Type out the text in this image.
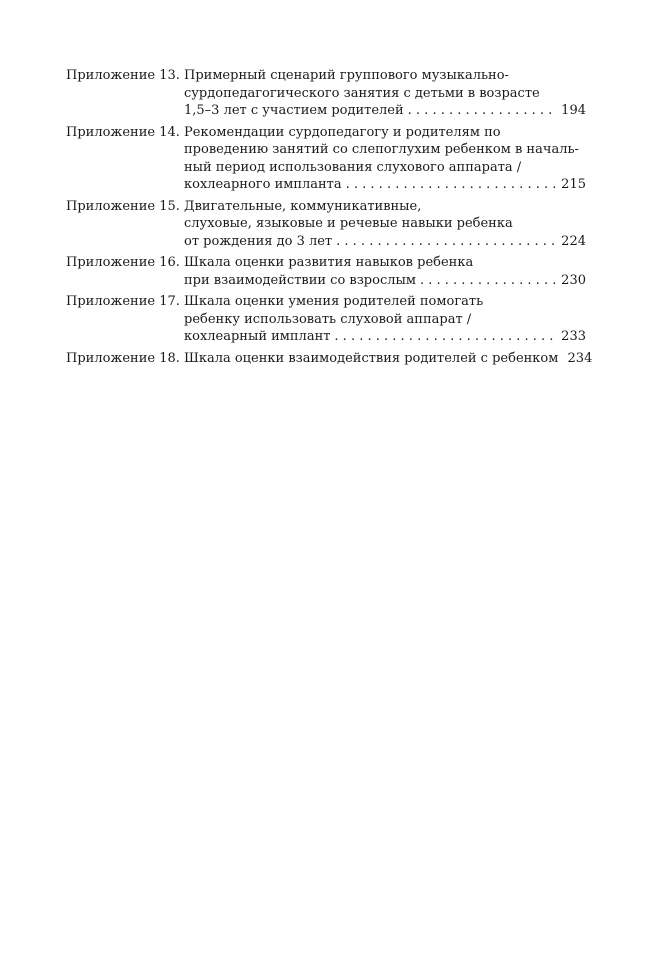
Приложение 13. Примерный сценарий группового музыкально-
сурдопедагогического занятия с детьми в возрасте
1,5–3 лет с участием родителей . . .	194
Приложение 14. Рекомендации сурдопедагогу и родителям по
проведению занятий со слепоглухим ребенком в началь-
ный период использования слухового аппарата /
кохлеарного импланта . . .	215
Приложение 15. Двигательные, коммуникативные,
слуховые, языковые и речевые навыки ребенка
от рождения до 3 лет . . .	224
Приложение 16. Шкала оценки развития навыков ребенка
при взаимодействии со взрослым . . .	230
Приложение 17. Шкала оценки умения родителей помогать
ребенку использовать слуховой аппарат /
кохлеарный имплант . . .	233
Приложение 18. Шкала оценки взаимодействия родителей с ребенком 234
